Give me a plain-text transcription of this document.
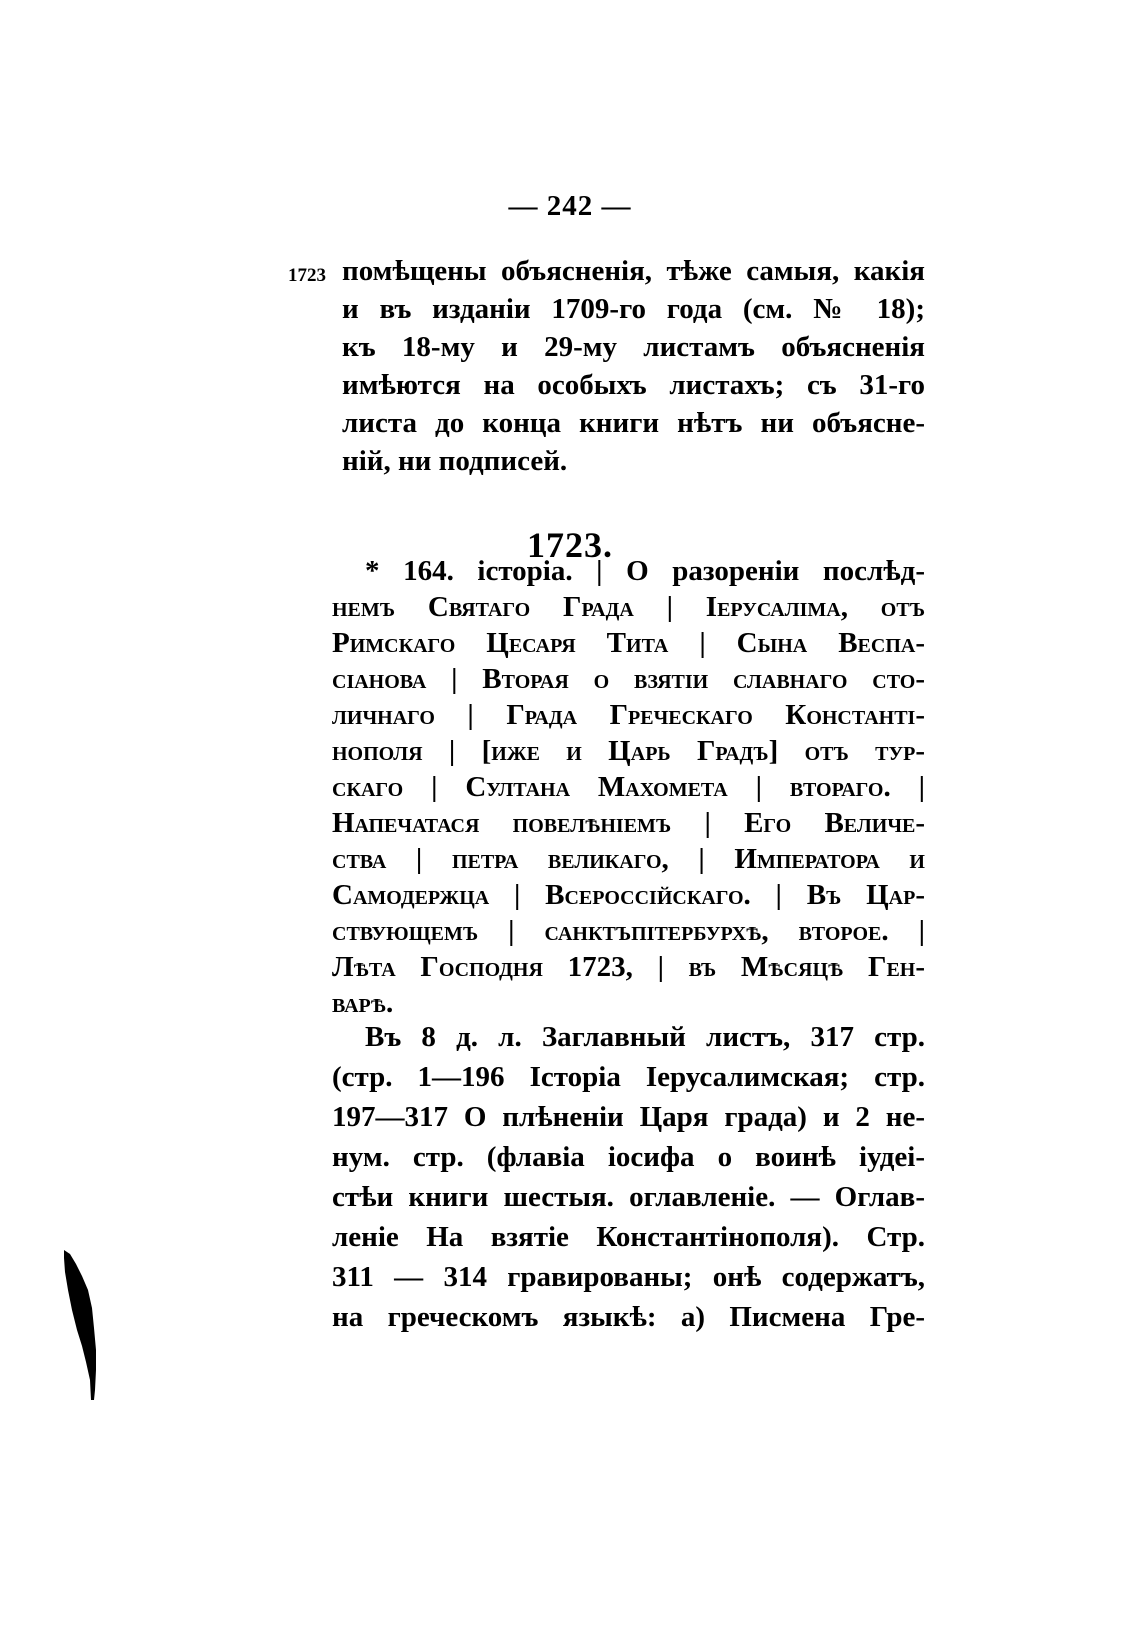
— 242 —
1723 помѣщены объясненія, тѣже самыя, какія
и въ изданіи 1709-го года (см. № 18);
къ 18-му и 29-му листамъ объясненія
имѣются на особыхъ листахъ; съ 31-го
листа до конца книги нѣтъ ни объясне-
ній, ни подписей.
1723.
* 164. історіа. | О разореніи послѣд-
немъ Святаго Града | Іерусаліма, отъ
Римскаго Цесаря Тита | Сына Веспа-
сіанова | Вторая о взятіи славнаго сто-
личнаго | Града Греческаго Константі-
нополя | [иже и Царь Градъ] отъ тур-
скаго | Султана Махомета | втораго. |
Напечатася повелѣніемъ | Его Величе-
ства | петра великаго, | Императора и
Самодержца | Всероссійскаго. | Въ Цар-
ствующемъ | санктъпітербурхѣ, второе. |
Лѣта Господня 1723, | въ Мѣсяцѣ Ген-
варѣ.
Въ 8 д. л. Заглавный листъ, 317 стр.
(стр. 1—196 Історіа Іерусалимская; стр.
197—317 О плѣненіи Царя града) и 2 не-
нум. стр. (флавіа іосифа о воинѣ іудеі-
стѣи книги шестыя. оглавленіе. — Оглав-
леніе На взятіе Константінополя). Стр.
311 — 314 гравированы; онѣ содержатъ,
на греческомъ языкѣ: а) Писмена Гре-
